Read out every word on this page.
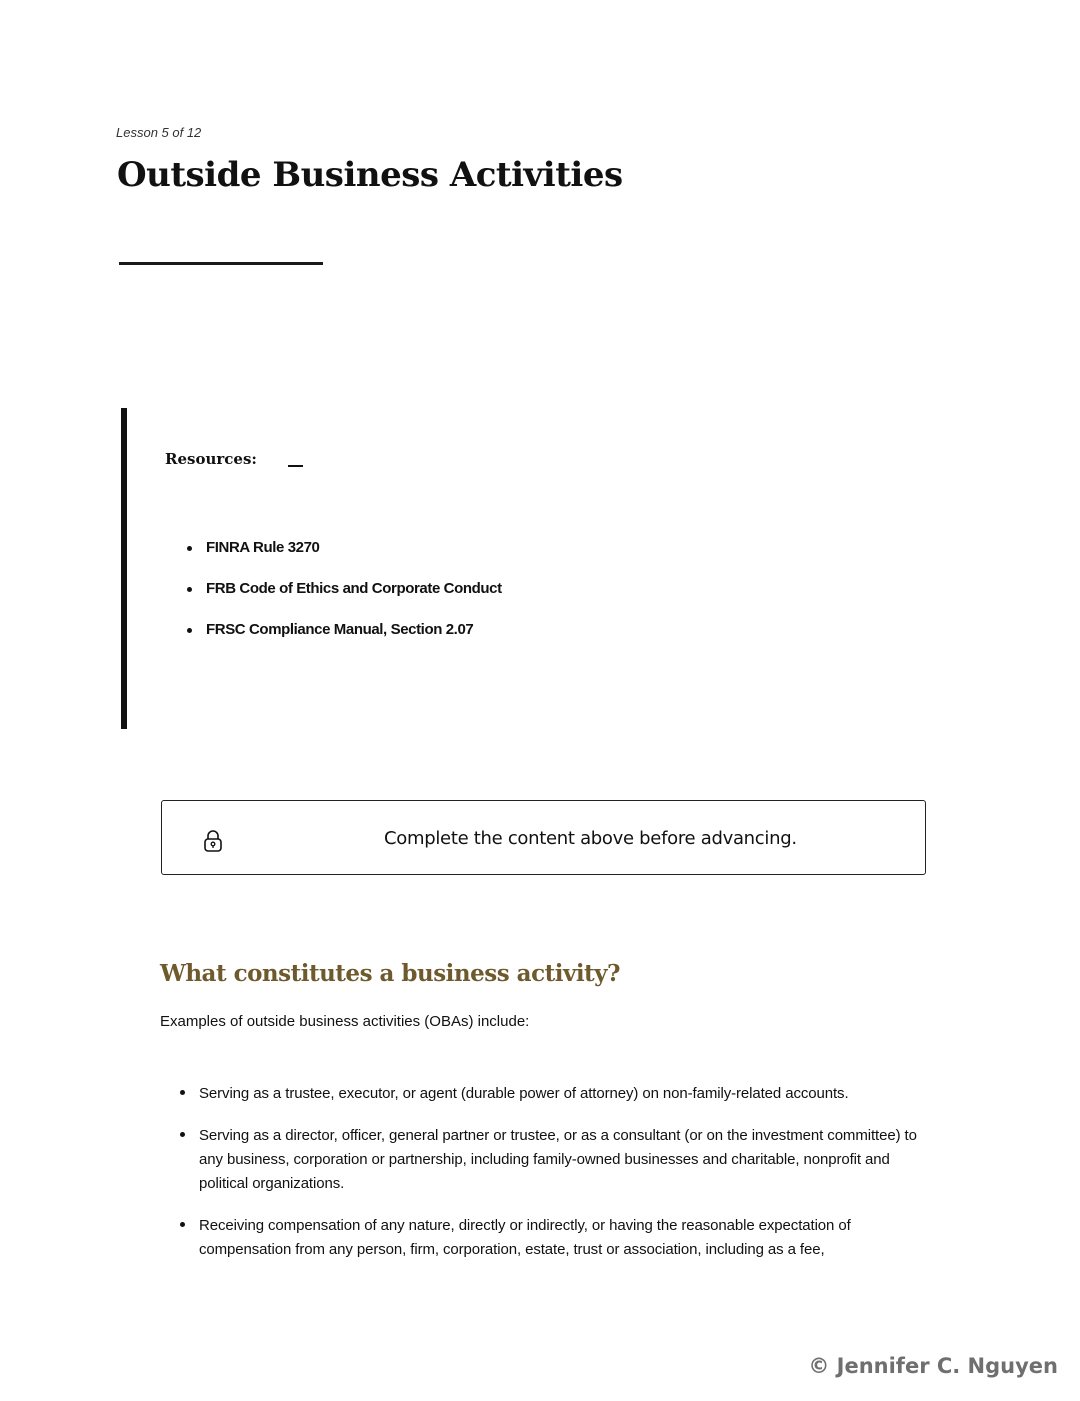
Lesson 5 of 12
Outside Business Activities
Resources:
FINRA Rule 3270
FRB Code of Ethics and Corporate Conduct
FRSC Compliance Manual, Section 2.07
Complete the content above before advancing.
What constitutes a business activity?
Examples of outside business activities (OBAs) include:
Serving as a trustee, executor, or agent (durable power of attorney) on non-family-related accounts.
Serving as a director, officer, general partner or trustee, or as a consultant (or on the investment committee) to any business, corporation or partnership, including family-owned businesses and charitable, nonprofit and political organizations.
Receiving compensation of any nature, directly or indirectly, or having the reasonable expectation of compensation from any person, firm, corporation, estate, trust or association, including as a fee,
© Jennifer C. Nguyen
